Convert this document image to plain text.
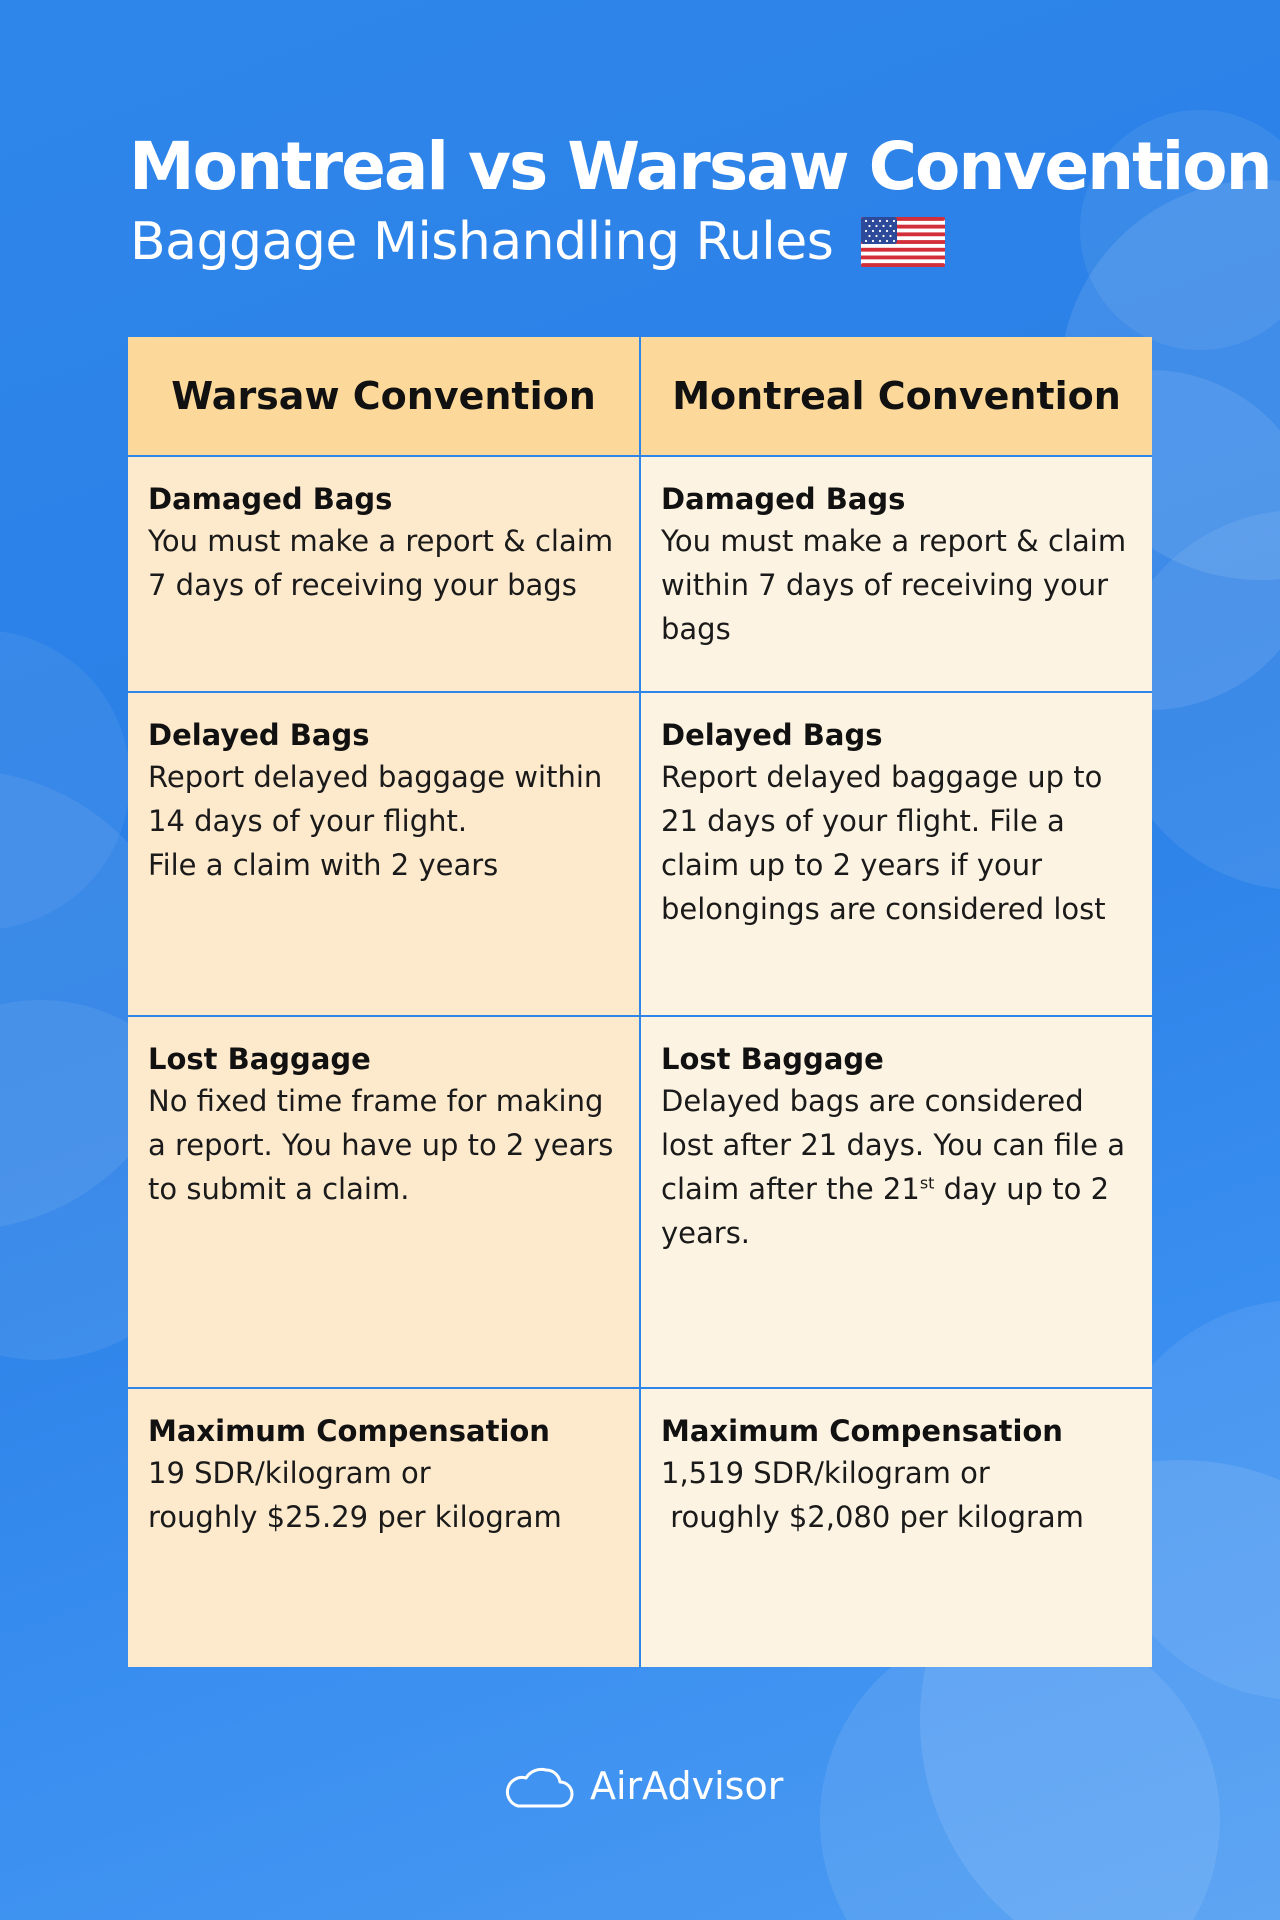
Montreal vs Warsaw Convention
Baggage Mishandling Rules
Warsaw Convention Montreal Convention
Damaged Bags
You must make a report & claim 7 days of receiving your bags
Damaged Bags
You must make a report & claim within 7 days of receiving your bags
Delayed Bags
Report delayed baggage within 14 days of your flight.
File a claim with 2 years
Delayed Bags
Report delayed baggage up to 21 days of your flight. File a claim up to 2 years if your belongings are considered lost
Lost Baggage
No fixed time frame for making a report. You have up to 2 years to submit a claim.
Lost Baggage
Delayed bags are considered lost after 21 days. You can file a claim after the 21st day up to 2 years.
Maximum Compensation
19 SDR/kilogram or
roughly $25.29 per kilogram
Maximum Compensation
1,519 SDR/kilogram or
roughly $2,080 per kilogram
AirAdvisor
